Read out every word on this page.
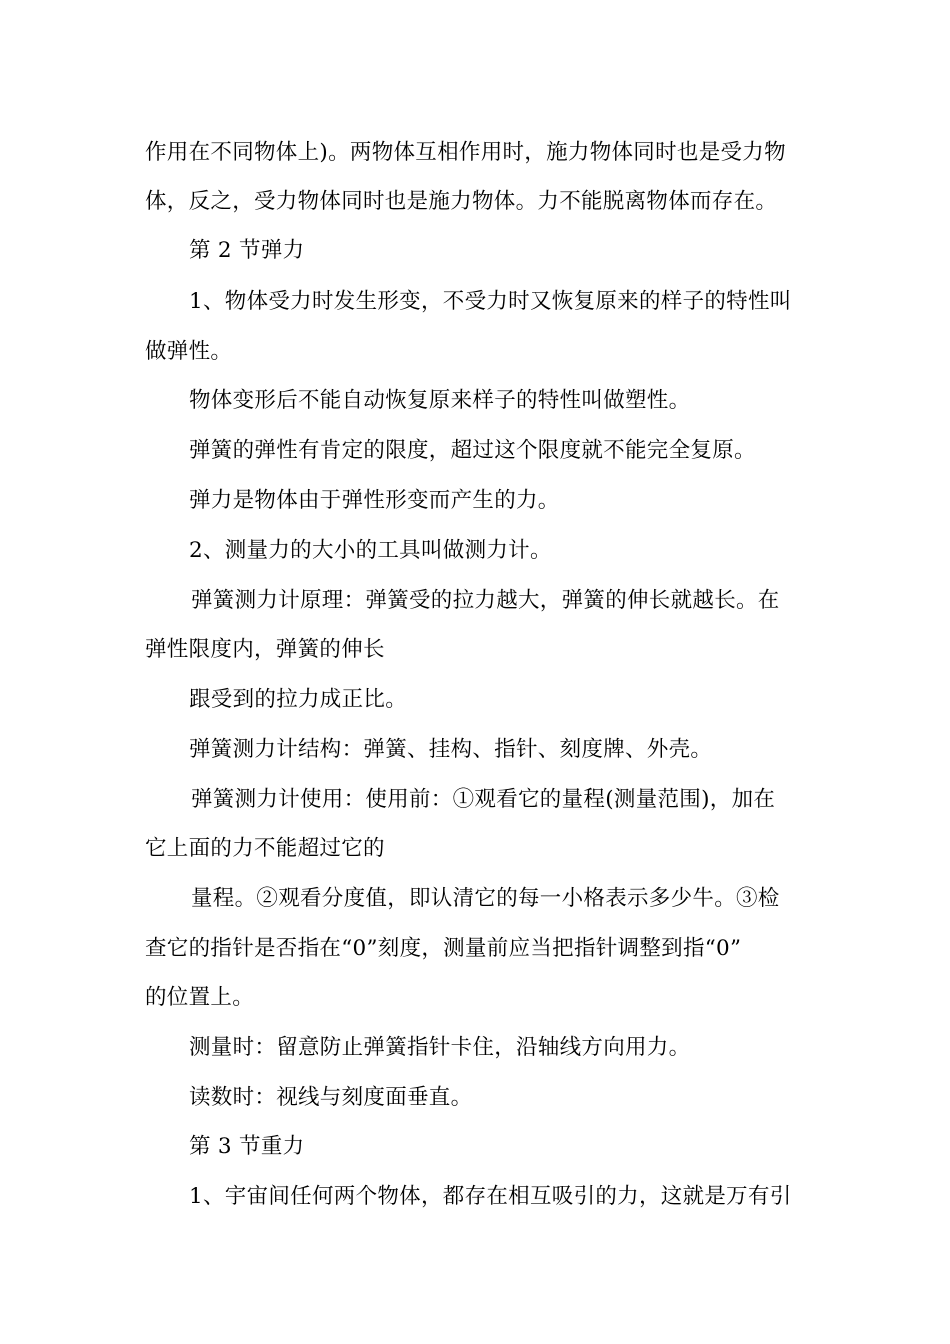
作用在不同物体上)。两物体互相作用时，施力物体同时也是受力物
体，反之，受力物体同时也是施力物体。力不能脱离物体而存在。
第 2 节弹力
1、物体受力时发生形变，不受力时又恢复原来的样子的特性叫
做弹性。
物体变形后不能自动恢复原来样子的特性叫做塑性。
弹簧的弹性有肯定的限度，超过这个限度就不能完全复原。
弹力是物体由于弹性形变而产生的力。
2、测量力的大小的工具叫做测力计。
弹簧测力计原理：弹簧受的拉力越大，弹簧的伸长就越长。在
弹性限度内，弹簧的伸长
跟受到的拉力成正比。
弹簧测力计结构：弹簧、挂构、指针、刻度牌、外壳。
弹簧测力计使用：使用前：①观看它的量程(测量范围)，加在
它上面的力不能超过它的
量程。②观看分度值，即认清它的每一小格表示多少牛。③检
查它的指针是否指在“0”刻度，测量前应当把指针调整到指“0”
的位置上。
测量时：留意防止弹簧指针卡住，沿轴线方向用力。
读数时：视线与刻度面垂直。
第 3 节重力
1、宇宙间任何两个物体，都存在相互吸引的力，这就是万有引
